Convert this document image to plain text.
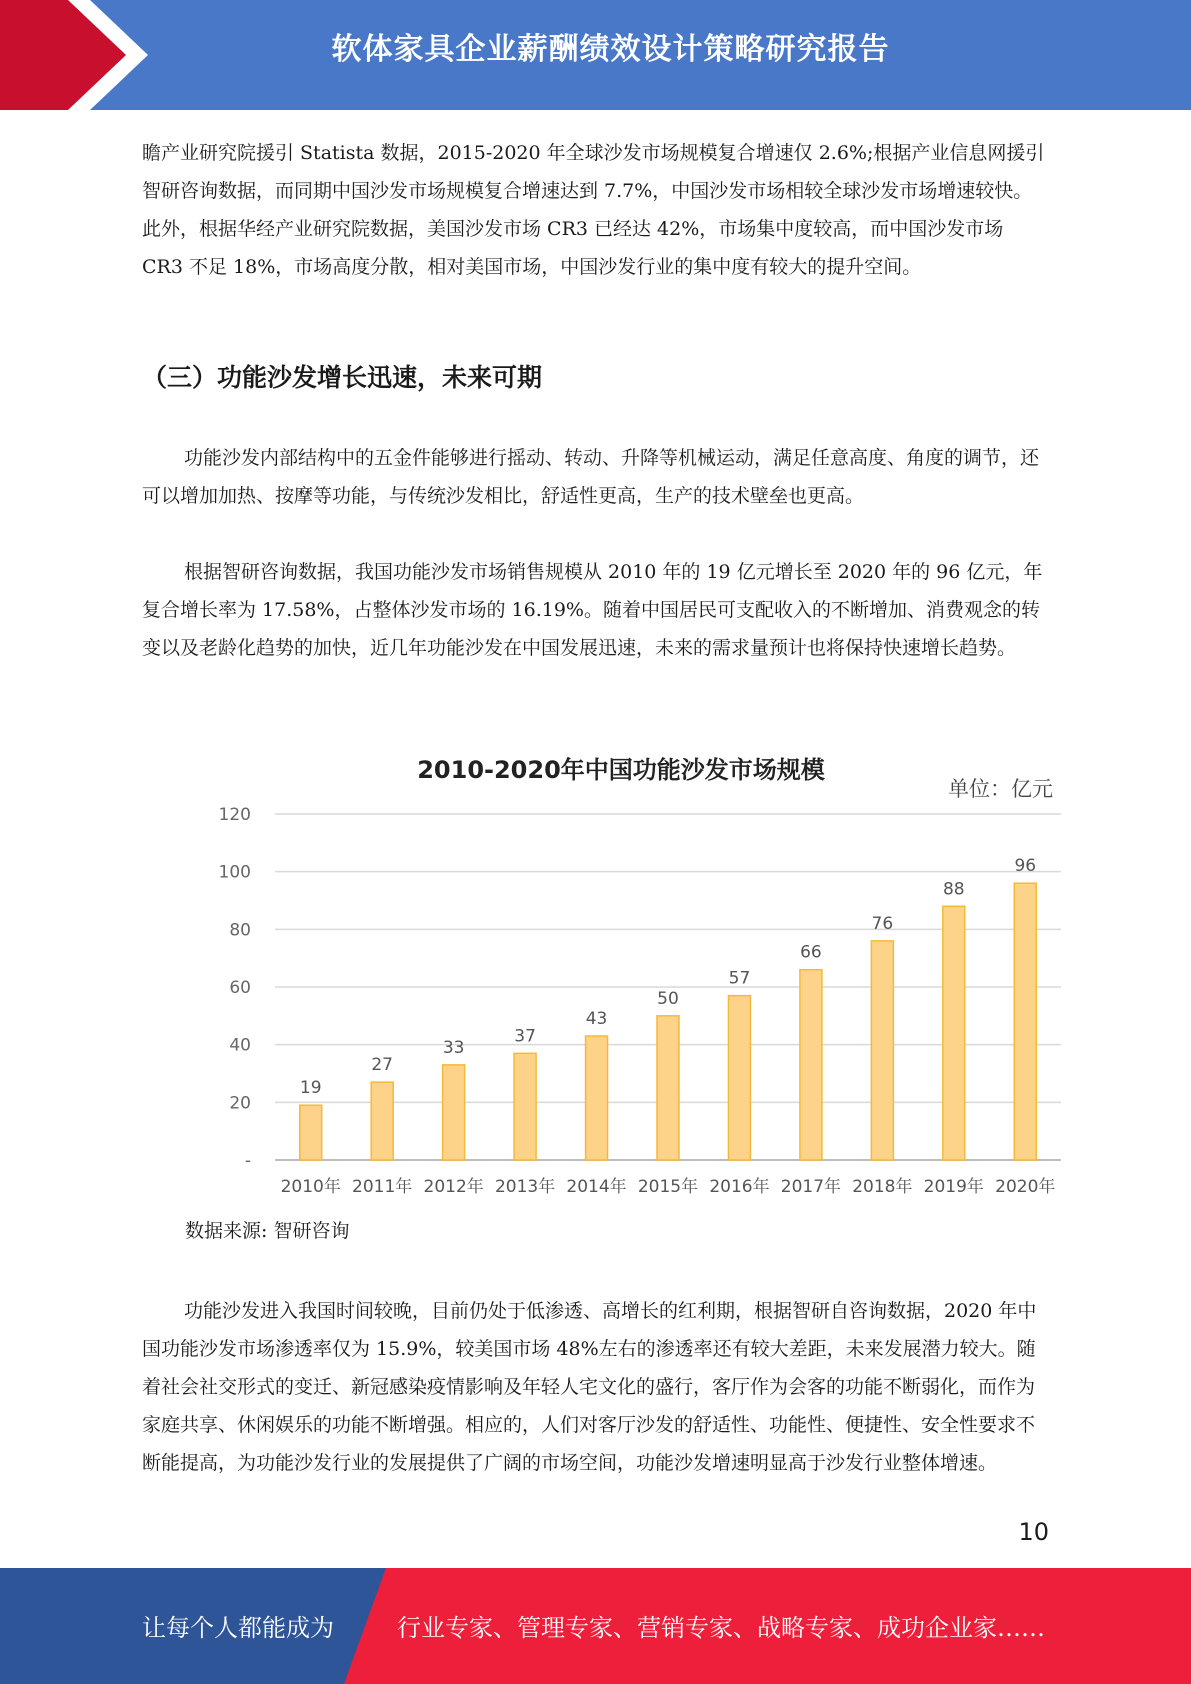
软体家具企业薪酬绩效设计策略研究报告

瞻产业研究院援引 Statista 数据，2015-2020 年全球沙发市场规模复合增速仅 2.6%;根据产业信息网援引智研咨询数据，而同期中国沙发市场规模复合增速达到 7.7%，中国沙发市场相较全球沙发市场增速较快。此外，根据华经产业研究院数据，美国沙发市场 CR3 已经达 42%，市场集中度较高，而中国沙发市场 CR3 不足 18%，市场高度分散，相对美国市场，中国沙发行业的集中度有较大的提升空间。

（三）功能沙发增长迅速，未来可期

功能沙发内部结构中的五金件能够进行摇动、转动、升降等机械运动，满足任意高度、角度的调节，还可以增加加热、按摩等功能，与传统沙发相比，舒适性更高，生产的技术壁垒也更高。

根据智研咨询数据，我国功能沙发市场销售规模从 2010 年的 19 亿元增长至 2020 年的 96 亿元，年复合增长率为 17.58%，占整体沙发市场的 16.19%。随着中国居民可支配收入的不断增加、消费观念的转变以及老龄化趋势的加快，近几年功能沙发在中国发展迅速，未来的需求量预计也将保持快速增长趋势。

2010-2020年中国功能沙发市场规模
单位：亿元
-
20
40
60
80
100
120
19
2010年
27
2011年
33
2012年
37
2013年
43
2014年
50
2015年
57
2016年
66
2017年
76
2018年
88
2019年
96
2020年
数据来源: 智研咨询

功能沙发进入我国时间较晚，目前仍处于低渗透、高增长的红利期，根据智研自咨询数据，2020 年中国功能沙发市场渗透率仅为 15.9%，较美国市场 48%左右的渗透率还有较大差距，未来发展潜力较大。随着社会社交形式的变迁、新冠感染疫情影响及年轻人宅文化的盛行，客厅作为会客的功能不断弱化，而作为家庭共享、休闲娱乐的功能不断增强。相应的，人们对客厅沙发的舒适性、功能性、便捷性、安全性要求不断能提高，为功能沙发行业的发展提供了广阔的市场空间，功能沙发增速明显高于沙发行业整体增速。

10
让每个人都能成为	行业专家、管理专家、营销专家、战略专家、成功企业家……
